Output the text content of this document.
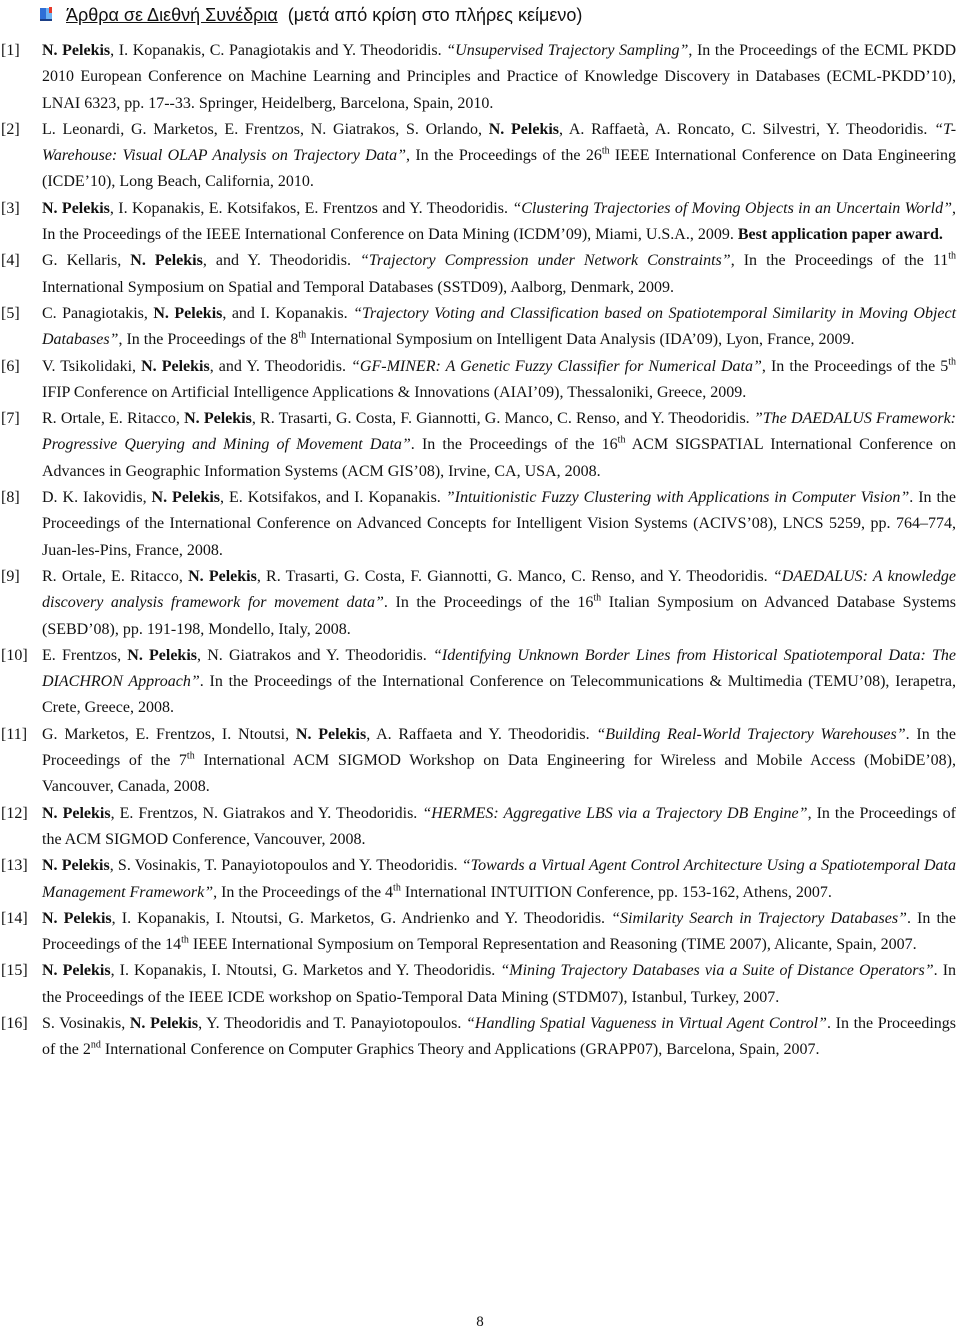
Άρθρα σε Διεθνή Συνέδρια (μετά από κρίση στο πλήρες κείμενο)
[1] N. Pelekis, I. Kopanakis, C. Panagiotakis and Y. Theodoridis. “Unsupervised Trajectory Sampling”, In the Proceedings of the ECML PKDD 2010 European Conference on Machine Learning and Principles and Practice of Knowledge Discovery in Databases (ECML-PKDD’10), LNAI 6323, pp. 17--33. Springer, Heidelberg, Barcelona, Spain, 2010.
[2] L. Leonardi, G. Marketos, E. Frentzos, N. Giatrakos, S. Orlando, N. Pelekis, A. Raffaetà, A. Roncato, C. Silvestri, Y. Theodoridis. “T-Warehouse: Visual OLAP Analysis on Trajectory Data”, In the Proceedings of the 26th IEEE International Conference on Data Engineering (ICDE’10), Long Beach, California, 2010.
[3] N. Pelekis, I. Kopanakis, E. Kotsifakos, E. Frentzos and Y. Theodoridis. “Clustering Trajectories of Moving Objects in an Uncertain World”, In the Proceedings of the IEEE International Conference on Data Mining (ICDM’09), Miami, U.S.A., 2009. Best application paper award.
[4] G. Kellaris, N. Pelekis, and Y. Theodoridis. “Trajectory Compression under Network Constraints”, In the Proceedings of the 11th International Symposium on Spatial and Temporal Databases (SSTD09), Aalborg, Denmark, 2009.
[5] C. Panagiotakis, N. Pelekis, and I. Kopanakis. “Trajectory Voting and Classification based on Spatiotemporal Similarity in Moving Object Databases”, In the Proceedings of the 8th International Symposium on Intelligent Data Analysis (IDA’09), Lyon, France, 2009.
[6] V. Tsikolidaki, N. Pelekis, and Y. Theodoridis. “GF-MINER: A Genetic Fuzzy Classifier for Numerical Data”, In the Proceedings of the 5th IFIP Conference on Artificial Intelligence Applications & Innovations (AIAI’09), Thessaloniki, Greece, 2009.
[7] R. Ortale, E. Ritacco, N. Pelekis, R. Trasarti, G. Costa, F. Giannotti, G. Manco, C. Renso, and Y. Theodoridis. ”The DAEDALUS Framework: Progressive Querying and Mining of Movement Data”. In the Proceedings of the 16th ACM SIGSPATIAL International Conference on Advances in Geographic Information Systems (ACM GIS’08), Irvine, CA, USA, 2008.
[8] D. K. Iakovidis, N. Pelekis, E. Kotsifakos, and I. Kopanakis. ”Intuitionistic Fuzzy Clustering with Applications in Computer Vision”. In the Proceedings of the International Conference on Advanced Concepts for Intelligent Vision Systems (ACIVS’08), LNCS 5259, pp. 764–774, Juan-les-Pins, France, 2008.
[9] R. Ortale, E. Ritacco, N. Pelekis, R. Trasarti, G. Costa, F. Giannotti, G. Manco, C. Renso, and Y. Theodoridis. “DAEDALUS: A knowledge discovery analysis framework for movement data”. In the Proceedings of the 16th Italian Symposium on Advanced Database Systems (SEBD’08), pp. 191-198, Mondello, Italy, 2008.
[10] E. Frentzos, N. Pelekis, N. Giatrakos and Y. Theodoridis. “Identifying Unknown Border Lines from Historical Spatiotemporal Data: The DIACHRON Approach”. In the Proceedings of the International Conference on Telecommunications & Multimedia (TEMU’08), Ierapetra, Crete, Greece, 2008.
[11] G. Marketos, E. Frentzos, I. Ntoutsi, N. Pelekis, A. Raffaeta and Y. Theodoridis. “Building Real-World Trajectory Warehouses”. In the Proceedings of the 7th International ACM SIGMOD Workshop on Data Engineering for Wireless and Mobile Access (MobiDE’08), Vancouver, Canada, 2008.
[12] N. Pelekis, E. Frentzos, N. Giatrakos and Y. Theodoridis. “HERMES: Aggregative LBS via a Trajectory DB Engine”, In the Proceedings of the ACM SIGMOD Conference, Vancouver, 2008.
[13] N. Pelekis, S. Vosinakis, T. Panayiotopoulos and Y. Theodoridis. “Towards a Virtual Agent Control Architecture Using a Spatiotemporal Data Management Framework”, In the Proceedings of the 4th International INTUITION Conference, pp. 153-162, Athens, 2007.
[14] N. Pelekis, I. Kopanakis, I. Ntoutsi, G. Marketos, G. Andrienko and Y. Theodoridis. “Similarity Search in Trajectory Databases”. In the Proceedings of the 14th IEEE International Symposium on Temporal Representation and Reasoning (TIME 2007), Alicante, Spain, 2007.
[15] N. Pelekis, I. Kopanakis, I. Ntoutsi, G. Marketos and Y. Theodoridis. “Mining Trajectory Databases via a Suite of Distance Operators”. In the Proceedings of the IEEE ICDE workshop on Spatio-Temporal Data Mining (STDM07), Istanbul, Turkey, 2007.
[16] S. Vosinakis, N. Pelekis, Y. Theodoridis and T. Panayiotopoulos. “Handling Spatial Vagueness in Virtual Agent Control”. In the Proceedings of the 2nd International Conference on Computer Graphics Theory and Applications (GRAPP07), Barcelona, Spain, 2007.
8
